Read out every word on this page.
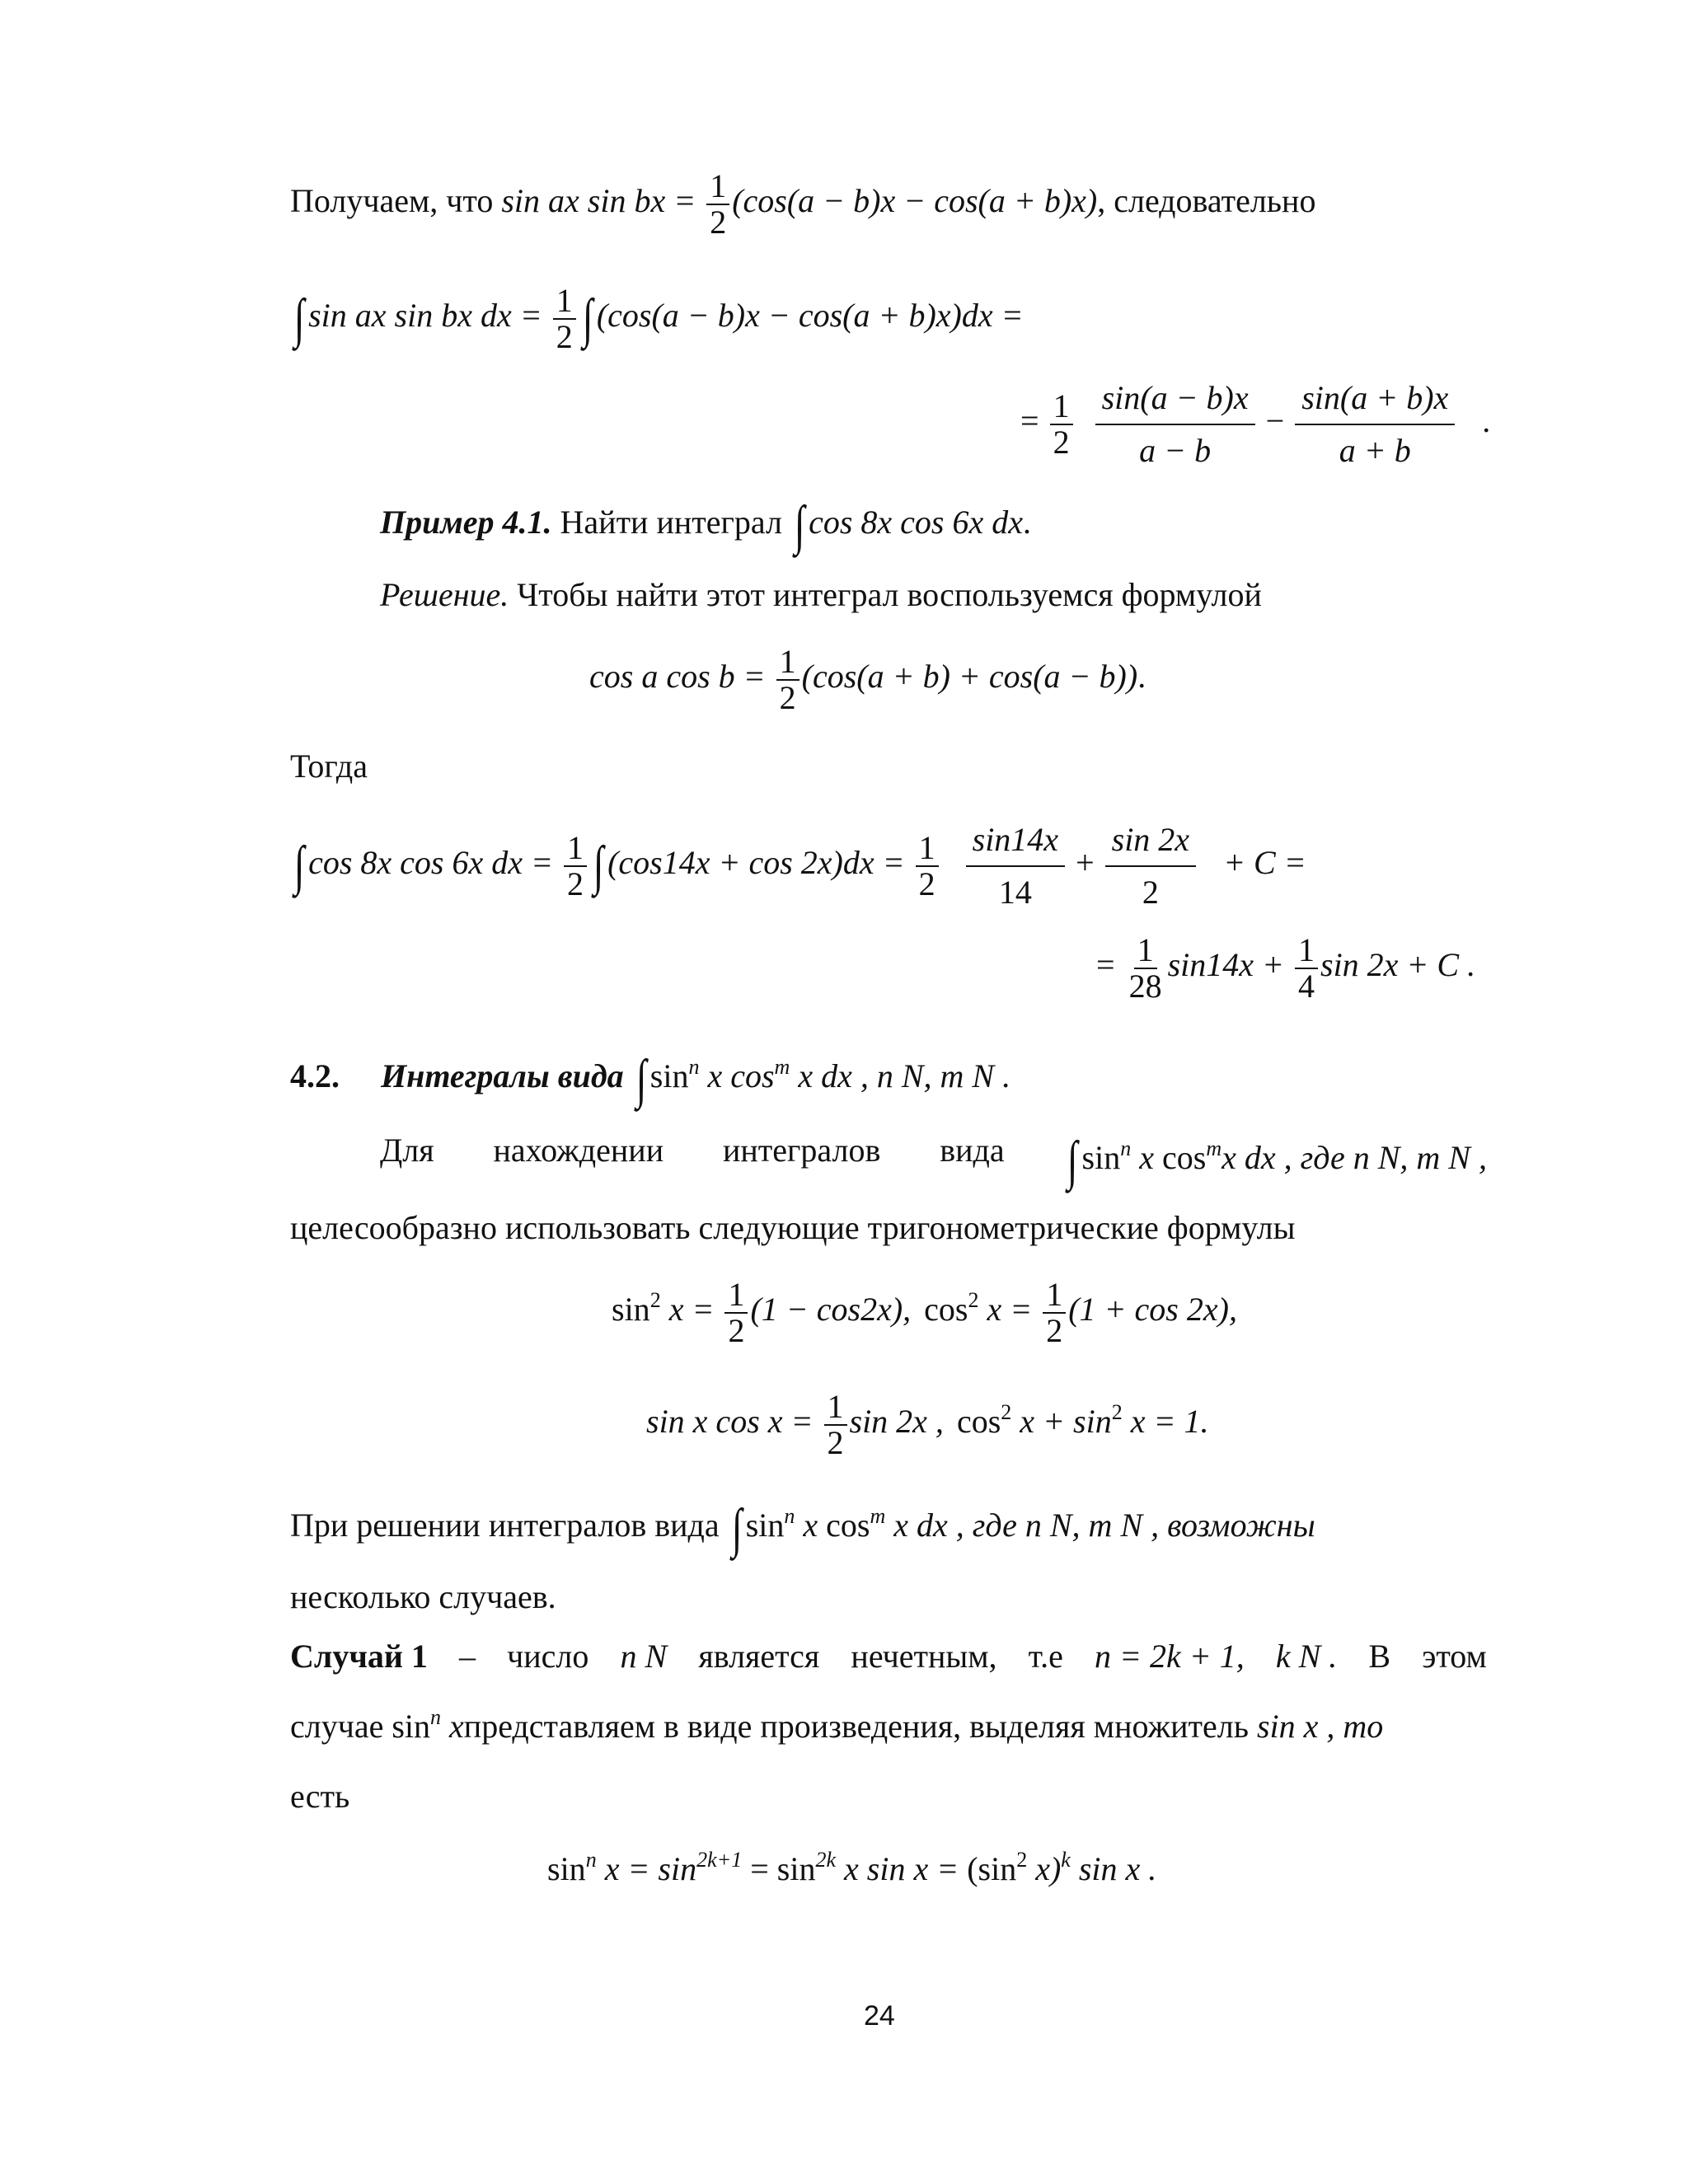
Получаем, что sin ax sin bx = $\frac{1}{2} (\cos(a - b)x - \cos(a + b)x)$, следовательно
∫ sin ax sin bx dx = $\frac{1}{2}$ ∫ (cos(a − b)x − cos(a + b)x)dx =
= $\frac{1}{2}$
$\frac{\sin(a - b)x}{a - b} - \frac{\sin(a + b)x}{a + b}$ .
Пример 4.1. Найти интеграл ∫ cos 8x cos 6x dx.
Решение. Чтобы найти этот интеграл воспользуемся формулой
cos a $\cos b = \frac{1}{2} (\cos(a + b) + \cos(a - b))$.
Тогда
∫ cos 8x cos 6x dx = $\frac{1}{2}$ ∫ $(\cos 14x + \cos 2x)dx = \frac{1}{2}$
$\frac{\sin 14x}{14} + \frac{\sin 2x}{2} + C$ =
= $\frac{1}{28} \sin 14x + \frac{1}{4}$ sin 2x + C .
4.2. Интегралы вида ∫ $\sin^n x$ $\cos^m x$ dx , n N, m N .
Для нахождении интегралов вида ∫ $\sin^n x$ $\cos^mx$ dx , где n N, m N ,
целесообразно использовать следующие тригонометрические формулы
$\sin^2 x = \frac{1}{2} (1 - \cos 2x)$, $\cos^2 x = \frac{1}{2} (1 + \cos 2x)$,
sin x $\cos x = \frac{1}{2}$ sin 2x , $\cos^2 x + \sin^2 x = 1$.
При решении интегралов вида ∫ $\sin^n x$ $\cos^m x$ dx , где n N, m N , возможны
несколько случаев.
Случай 1 – число n N является нечетным, т.е n = 2k + 1, k N . В этом
случае $\sin^n$ xпредставляем в виде произведения, выделяя множитель sin x , то
есть
$\sin^n x = \sin^{2k+1} = \sin^{2k} x$ $\sin x = (\sin^2$ x)$^k$ sin x .
24
